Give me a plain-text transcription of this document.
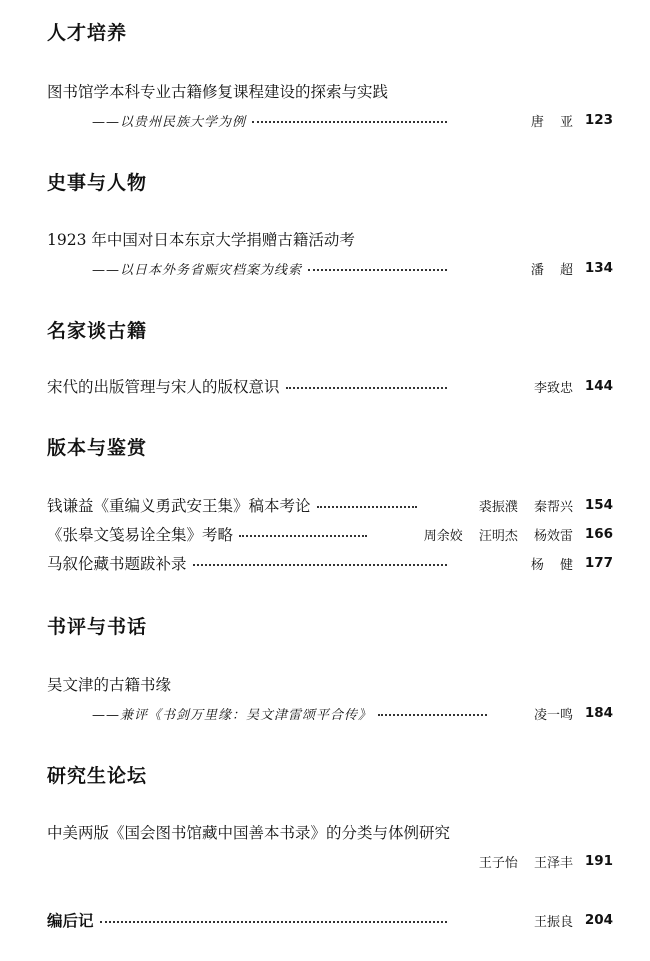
人才培养
图书馆学本科专业古籍修复课程建设的探索与实践
——以贵州民族大学为例	唐 亚 123
史事与人物
1923 年中国对日本东京大学捐赠古籍活动考
——以日本外务省赈灾档案为线索	潘 超 134
名家谈古籍
宋代的出版管理与宋人的版权意识	李致忠 144
版本与鉴赏
钱谦益《重编义勇武安王集》稿本考论	裘振濮 秦帮兴 154
《张皋文笺易诠全集》考略	周余姣 汪明杰 杨效雷 166
马叙伦藏书题跋补录	杨 健 177
书评与书话
吴文津的古籍书缘
——兼评《书剑万里缘：吴文津雷颂平合传》	凌一鸣 184
研究生论坛
中美两版《国会图书馆藏中国善本书录》的分类与体例研究
王子怡 王泽丰 191
编后记	王振良 204
